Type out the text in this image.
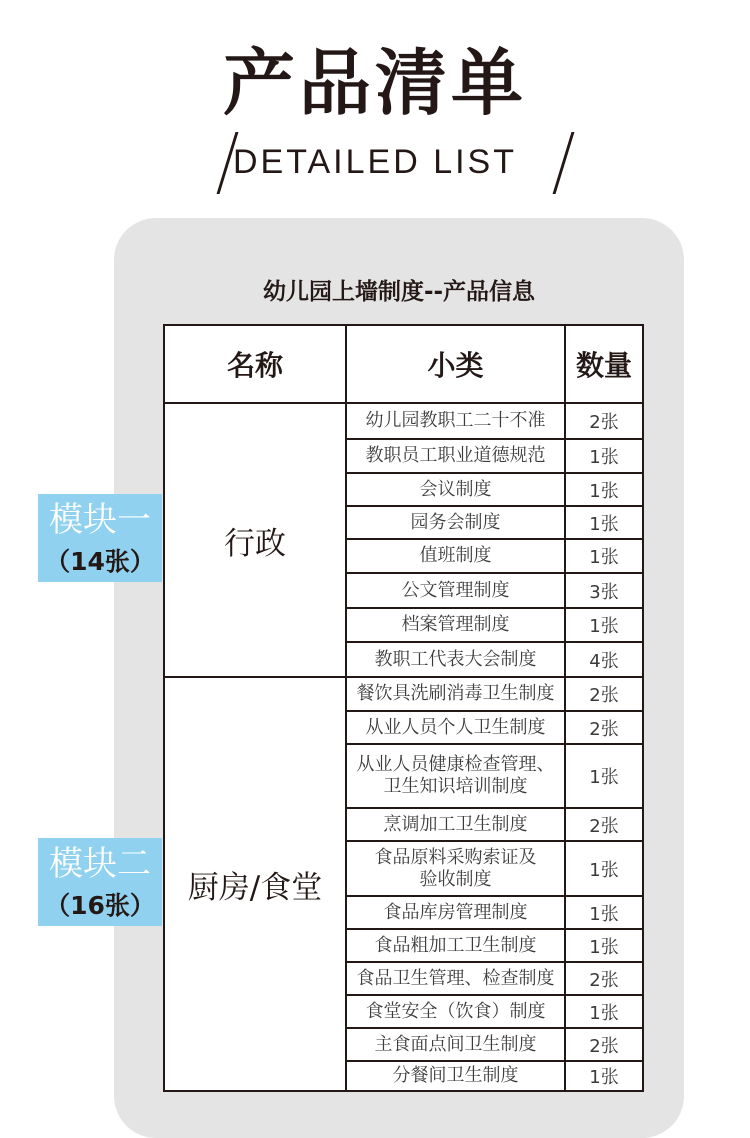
产品清单
DETAILED LIST
幼儿园上墙制度--产品信息
名称	小类	数量
行政	幼儿园教职工二十不准	2张
	教职员工职业道德规范	1张
	会议制度	1张
	园务会制度	1张
	值班制度	1张
	公文管理制度	3张
	档案管理制度	1张
	教职工代表大会制度	4张
厨房/食堂	餐饮具洗刷消毒卫生制度	2张
	从业人员个人卫生制度	2张
	从业人员健康检查管理、
卫生知识培训制度	1张
	烹调加工卫生制度	2张
	食品原料采购索证及
验收制度	1张
	食品库房管理制度	1张
	食品粗加工卫生制度	1张
	食品卫生管理、检查制度	2张
	食堂安全（饮食）制度	1张
	主食面点间卫生制度	2张
	分餐间卫生制度	1张
模块一
（14张）
模块二
（16张）
